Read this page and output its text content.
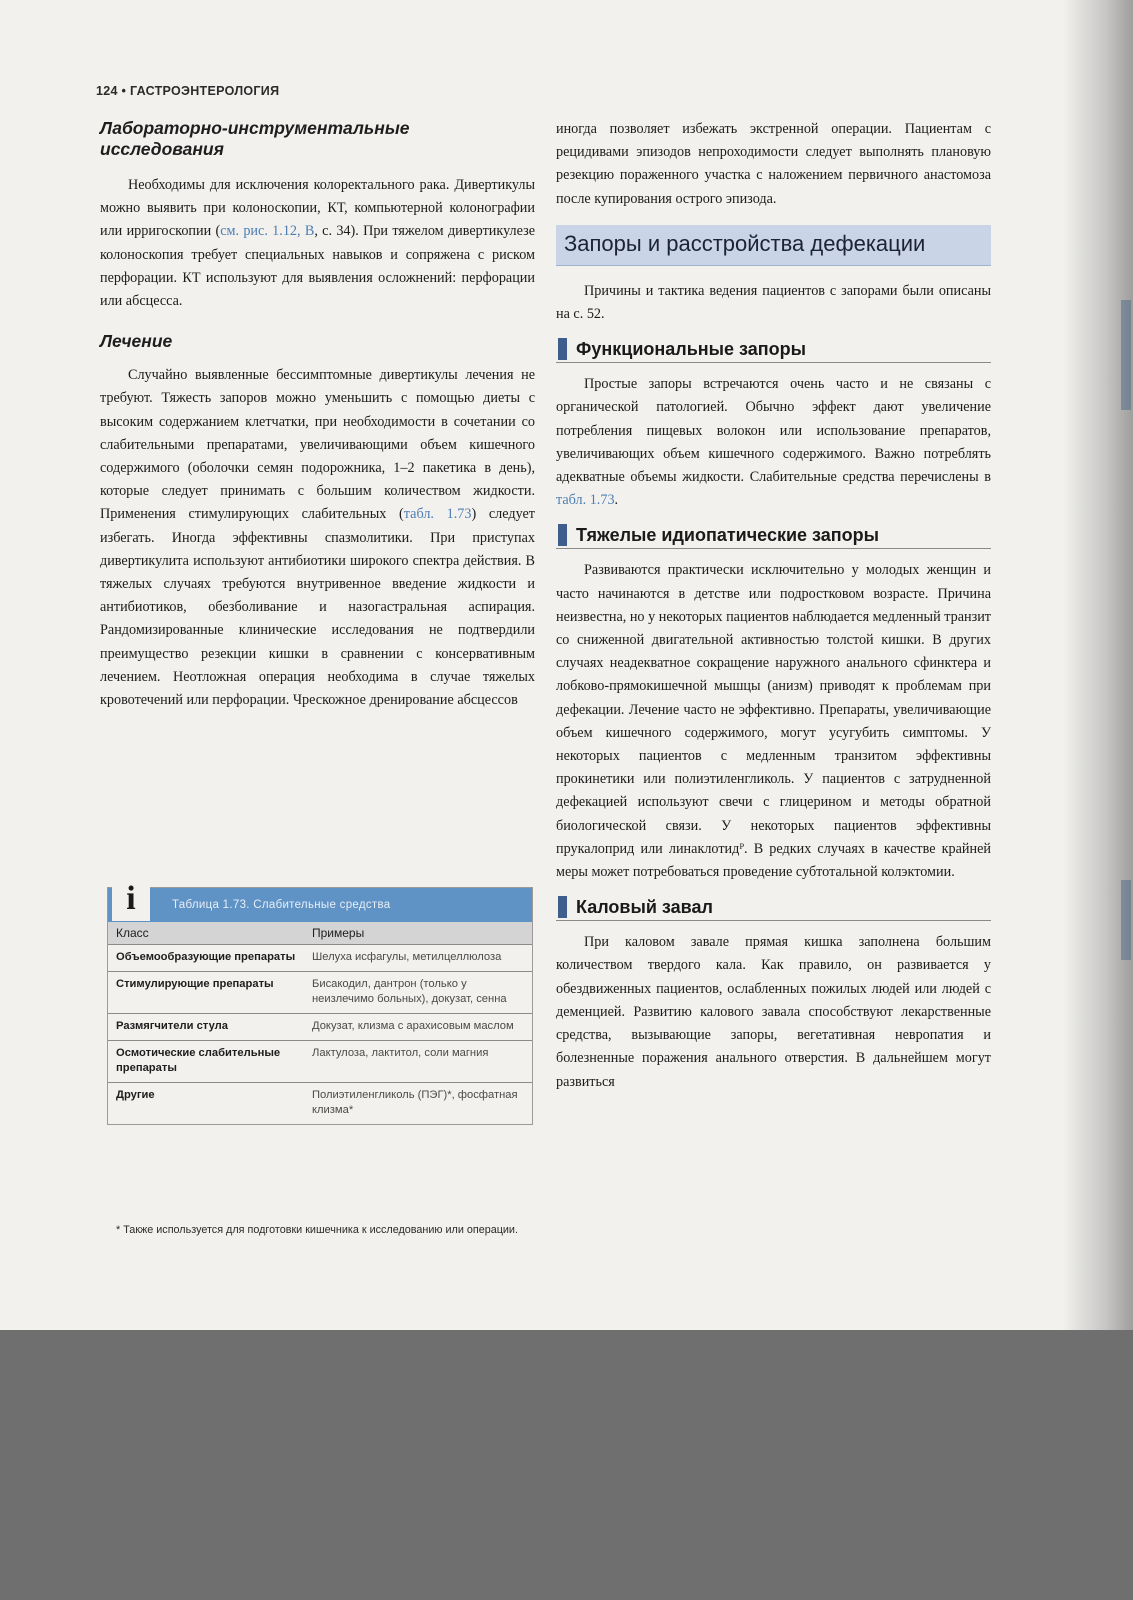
124 • ГАСТРОЭНТЕРОЛОГИЯ
Лабораторно-инструментальные исследования

Необходимы для исключения колоректального рака. Дивертикулы можно выявить при колоноскопии, КТ, компьютерной колонографии или ирригоскопии (см. рис. 1.12, В, с. 34). При тяжелом дивертикулезе колоноскопия требует специальных навыков и сопряжена с риском перфорации. КТ используют для выявления осложнений: перфорации или абсцесса.

Лечение

Случайно выявленные бессимптомные дивертикулы лечения не требуют. Тяжесть запоров можно уменьшить с помощью диеты с высоким содержанием клетчатки, при необходимости в сочетании со слабительными препаратами, увеличивающими объем кишечного содержимого (оболочки семян подорожника, 1–2 пакетика в день), которые следует принимать с большим количеством жидкости. Применения стимулирующих слабительных (табл. 1.73) следует избегать. Иногда эффективны спазмолитики. При приступах дивертикулита используют антибиотики широкого спектра действия. В тяжелых случаях требуются внутривенное введение жидкости и антибиотиков, обезболивание и назогастральная аспирация. Рандомизированные клинические исследования не подтвердили преимущество резекции кишки в сравнении с консервативным лечением. Неотложная операция необходима в случае тяжелых кровотечений или перфорации. Чрескожное дренирование абсцессов

i	Таблица 1.73. Слабительные средства
Класс	Примеры
Объемообразующие препараты	Шелуха исфагулы, метилцеллюлоза
Стимулирующие препараты	Бисакодил, дантрон (только у неизлечимо больных), докузат, сенна
Размягчители стула	Докузат, клизма с арахисовым маслом
Осмотические слабительные препараты	Лактулоза, лактитол, соли магния
Другие	Полиэтиленгликоль (ПЭГ)*, фосфатная клизма*
* Также используется для подготовки кишечника к исследованию или операции.

иногда позволяет избежать экстренной операции. Пациентам с рецидивами эпизодов непроходимости следует выполнять плановую резекцию пораженного участка с наложением первичного анастомоза после купирования острого эпизода.

Запоры и расстройства дефекации

Причины и тактика ведения пациентов с запорами были описаны на с. 52.

Функциональные запоры

Простые запоры встречаются очень часто и не связаны с органической патологией. Обычно эффект дают увеличение потребления пищевых волокон или использование препаратов, увеличивающих объем кишечного содержимого. Важно потреблять адекватные объемы жидкости. Слабительные средства перечислены в табл. 1.73.

Тяжелые идиопатические запоры

Развиваются практически исключительно у молодых женщин и часто начинаются в детстве или подростковом возрасте. Причина неизвестна, но у некоторых пациентов наблюдается медленный транзит со сниженной двигательной активностью толстой кишки. В других случаях неадекватное сокращение наружного анального сфинктера и лобково-прямокишечной мышцы (анизм) приводят к проблемам при дефекации. Лечение часто не эффективно. Препараты, увеличивающие объем кишечного содержимого, могут усугубить симптомы. У некоторых пациентов с медленным транзитом эффективны прокинетики или полиэтиленгликоль. У пациентов с затрудненной дефекацией используют свечи с глицерином и методы обратной биологической связи. У некоторых пациентов эффективны прукалоприд или линаклотидᴾ. В редких случаях в качестве крайней меры может потребоваться проведение субтотальной колэктомии.

Каловый завал

При каловом завале прямая кишка заполнена большим количеством твердого кала. Как правило, он развивается у обездвиженных пациентов, ослабленных пожилых людей или людей с деменцией. Развитию калового завала способствуют лекарственные средства, вызывающие запоры, вегетативная невропатия и болезненные поражения анального отверстия. В дальнейшем могут развиться
